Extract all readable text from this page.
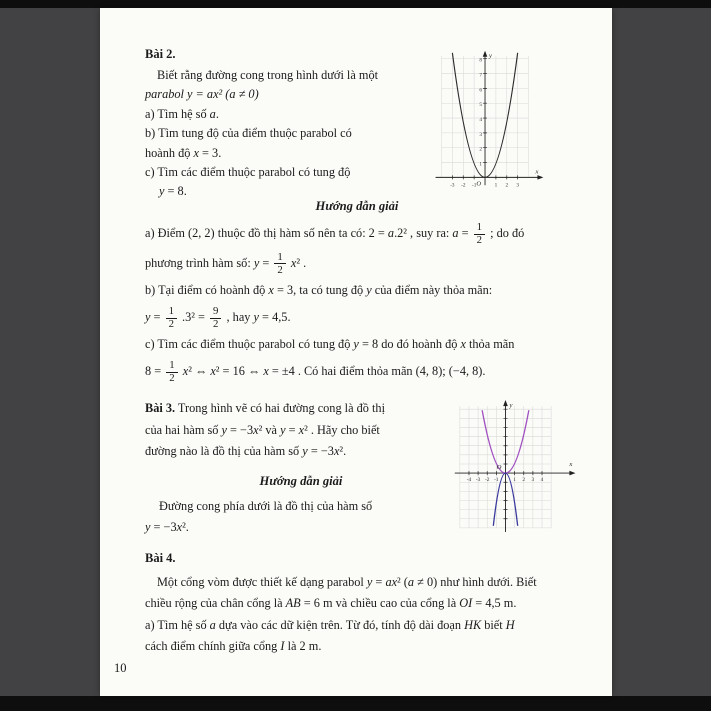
Bài 2.
Biết rằng đường cong trong hình dưới là một
parabol y = ax² (a ≠ 0)
a) Tìm hệ số a.
b) Tìm tung độ của điểm thuộc parabol có
hoành độ x = 3.
c) Tìm các điểm thuộc parabol có tung độ
y = 8.
y
x
O
1
2
3
4
5
6
7
8
-3 -2 -1	1 2 3
Hướng dẫn giải
a) Điểm (2, 2) thuộc đồ thị hàm số nên ta có: 2 = a.2² , suy ra: $a = \frac{1}{2}$ ; do đó
phương trình hàm số: $y = \frac{1}{2} x^2$ .
b) Tại điểm có hoành độ x = 3, ta có tung độ y của điểm này thỏa mãn:
$y = \frac{1}{2} .3^2 = \frac{9}{2}$ , hay y = 4,5.
c) Tìm các điểm thuộc parabol có tung độ y = 8 do đó hoành độ x thỏa mãn
$8 = \frac{1}{2} x^2$ ⇔ x² = 16 ⇔ x = ±4 . Có hai điểm thỏa mãn (4, 8); (−4, 8).
Bài 3. Trong hình vẽ có hai đường cong là đồ thị
của hai hàm số y = −3x² và y = x² . Hãy cho biết
đường nào là đồ thị của hàm số y = −3x².
Hướng dẫn giải
Đường cong phía dưới là đồ thị của hàm số
y = −3x².
y
x
O
-4 -3 -2 -1	1 2 3 4
Bài 4.
Một cổng vòm được thiết kế dạng parabol y = ax² (a ≠ 0) như hình dưới. Biết
chiều rộng của chân cổng là AB = 6 m và chiều cao của cổng là OI = 4,5 m.
a) Tìm hệ số a dựa vào các dữ kiện trên. Từ đó, tính độ dài đoạn HK biết H
cách điểm chính giữa cổng I là 2 m.
10
